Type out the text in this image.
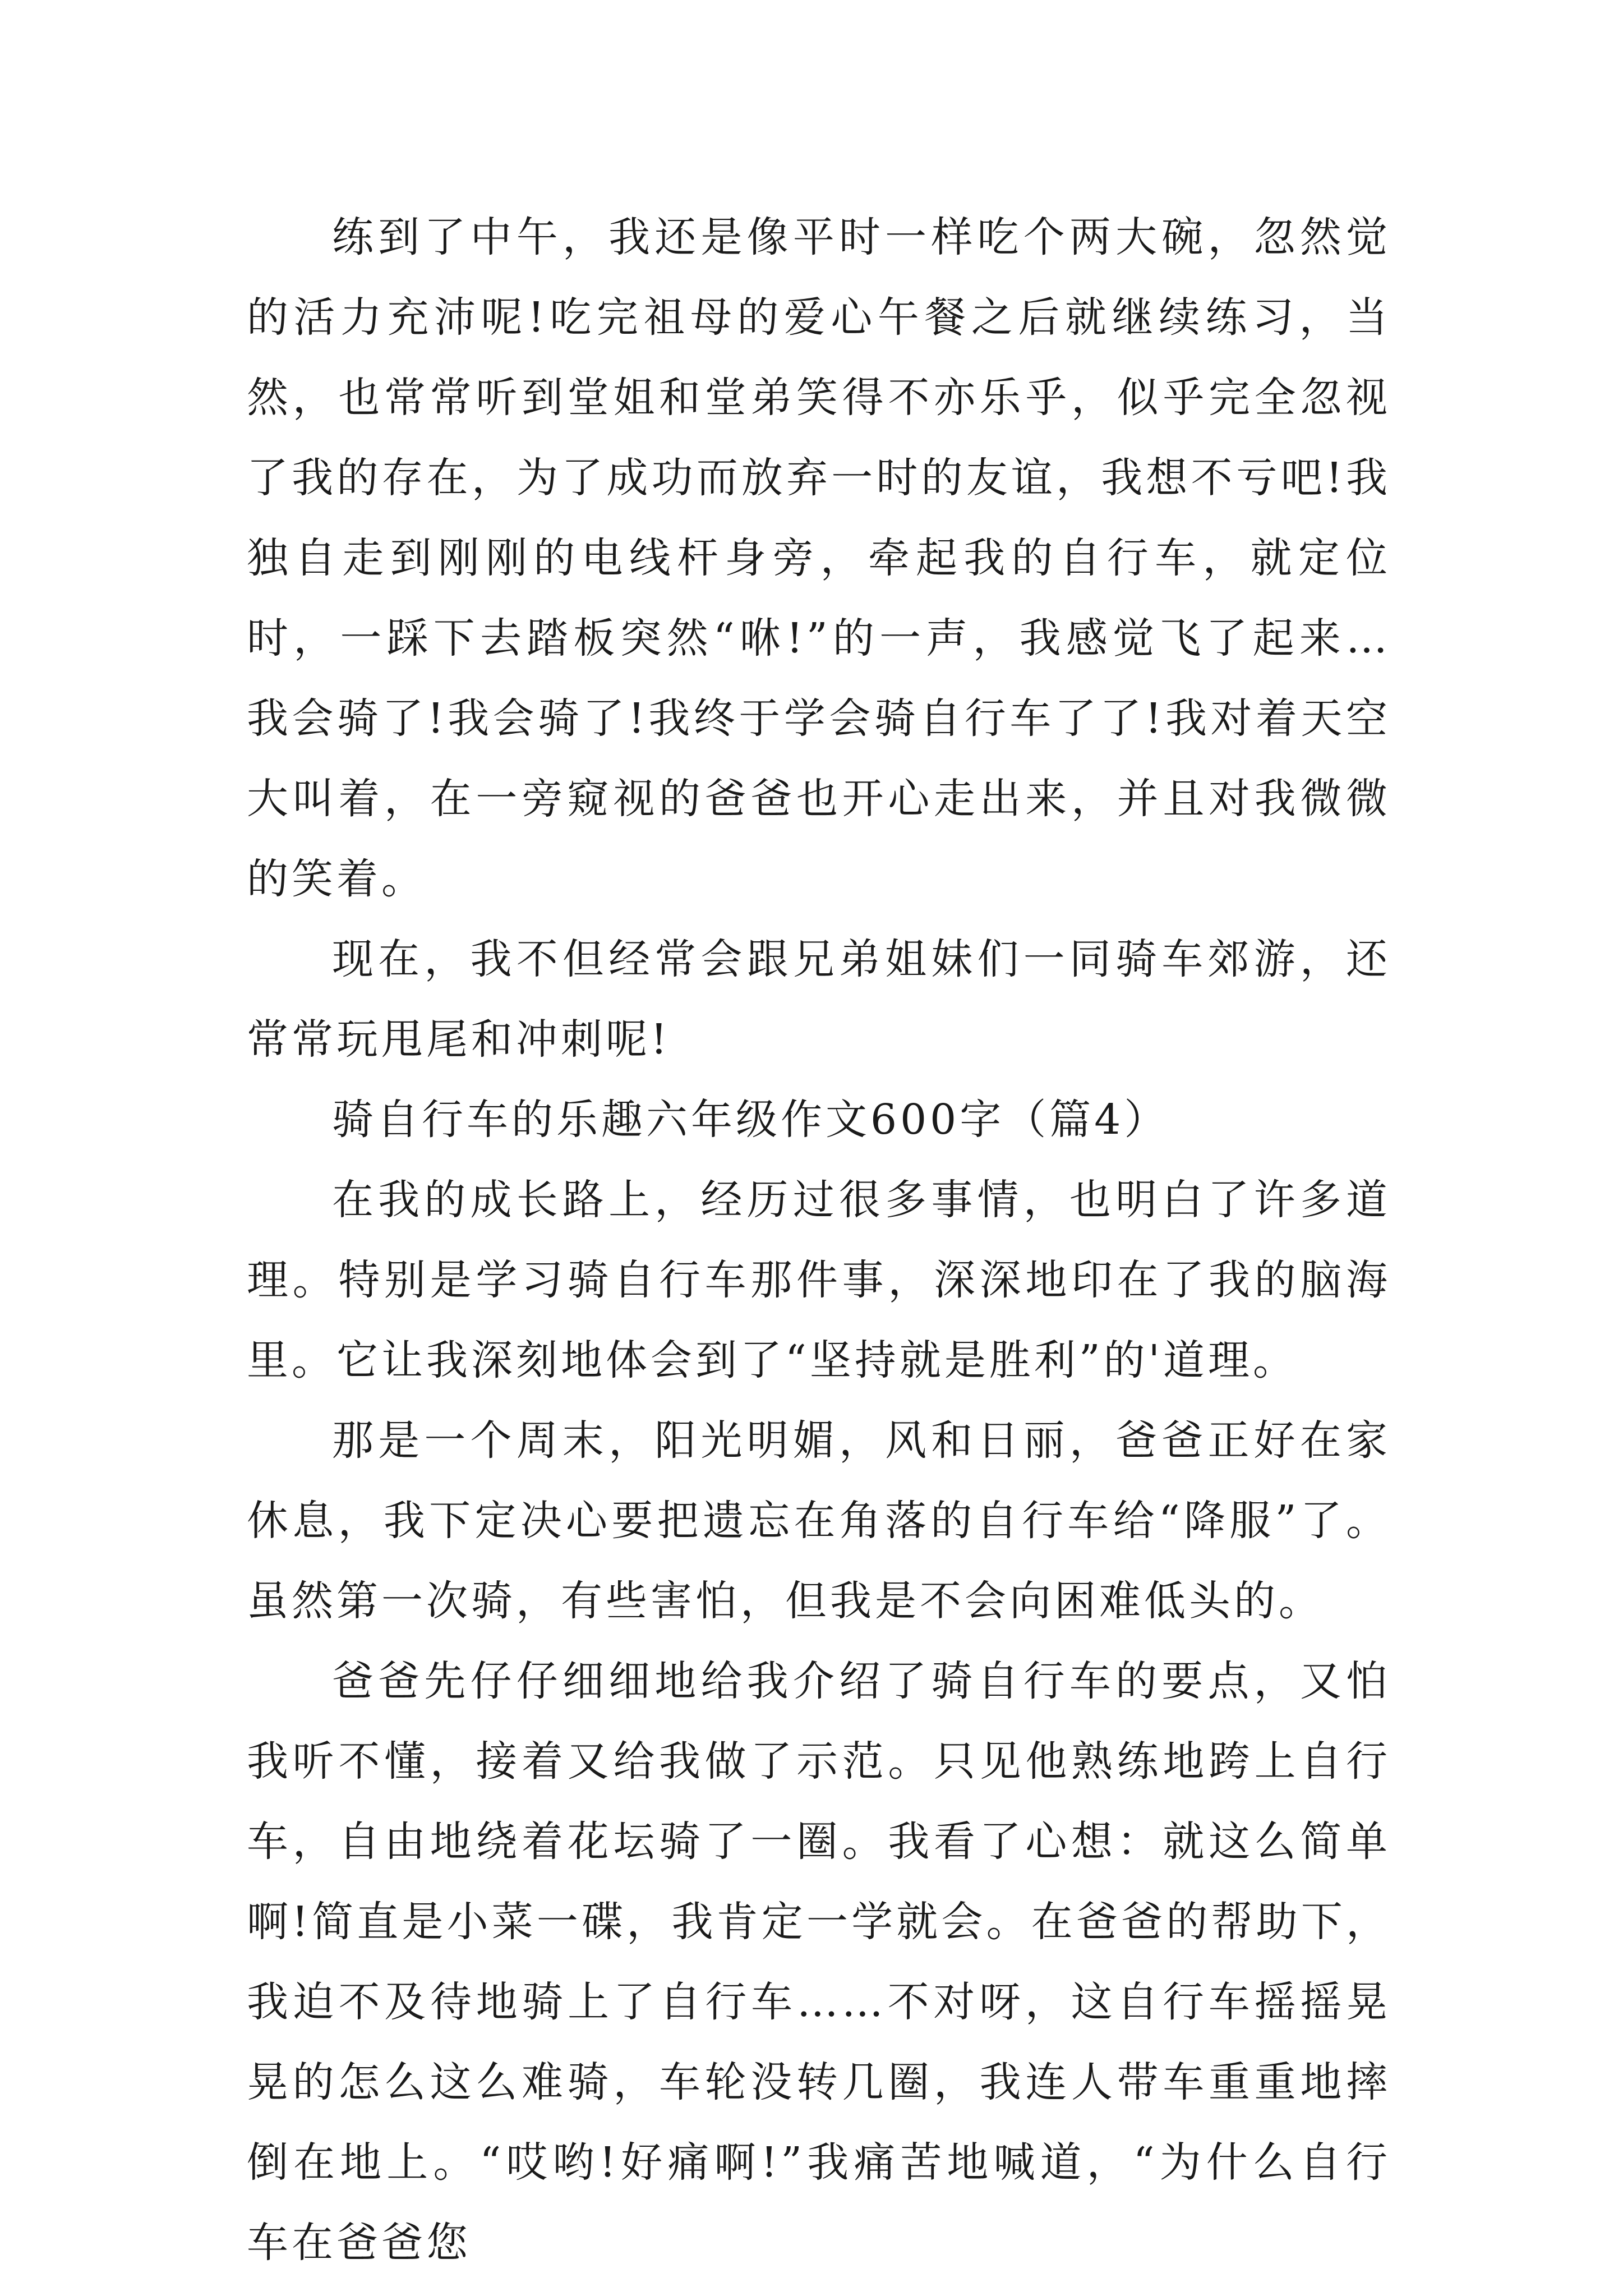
练到了中午，我还是像平时一样吃个两大碗，忽然觉的活力充沛呢!吃完祖母的爱心午餐之后就继续练习，当然，也常常听到堂姐和堂弟笑得不亦乐乎，似乎完全忽视了我的存在，为了成功而放弃一时的友谊，我想不亏吧!我独自走到刚刚的电线杆身旁，牵起我的自行车，就定位时，一踩下去踏板突然“咻!”的一声，我感觉飞了起来…我会骑了!我会骑了!我终于学会骑自行车了了!我对着天空大叫着，在一旁窥视的爸爸也开心走出来，并且对我微微的笑着。

现在，我不但经常会跟兄弟姐妹们一同骑车郊游，还常常玩甩尾和冲刺呢!

骑自行车的乐趣六年级作文600字（篇4）

在我的成长路上，经历过很多事情，也明白了许多道理。特别是学习骑自行车那件事，深深地印在了我的脑海里。它让我深刻地体会到了“坚持就是胜利”的'道理。

那是一个周末，阳光明媚，风和日丽，爸爸正好在家休息，我下定决心要把遗忘在角落的自行车给“降服”了。虽然第一次骑，有些害怕，但我是不会向困难低头的。

爸爸先仔仔细细地给我介绍了骑自行车的要点，又怕我听不懂，接着又给我做了示范。只见他熟练地跨上自行车，自由地绕着花坛骑了一圈。我看了心想：就这么简单啊!简直是小菜一碟，我肯定一学就会。在爸爸的帮助下，我迫不及待地骑上了自行车……不对呀，这自行车摇摇晃晃的怎么这么难骑，车轮没转几圈，我连人带车重重地摔倒在地上。“哎哟!好痛啊!”我痛苦地喊道，“为什么自行车在爸爸您
